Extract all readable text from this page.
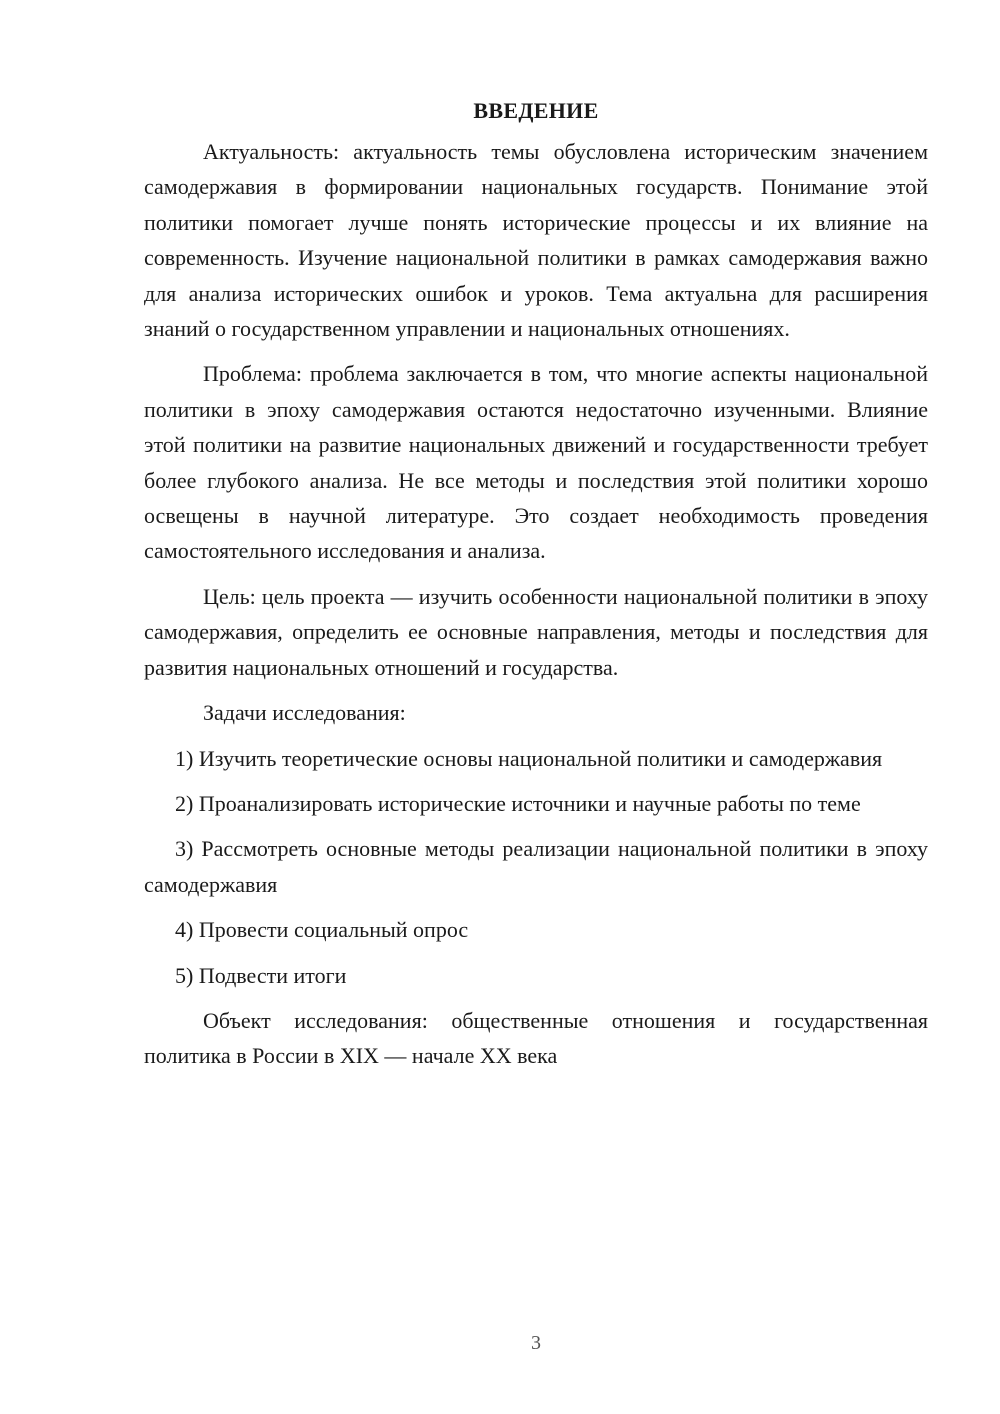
ВВЕДЕНИЕ

Актуальность: актуальность темы обусловлена историческим значением самодержавия в формировании национальных государств. Понимание этой политики помогает лучше понять исторические процессы и их влияние на современность. Изучение национальной политики в рамках самодержавия важно для анализа исторических ошибок и уроков. Тема актуальна для расширения знаний о государственном управлении и национальных отношениях.

Проблема: проблема заключается в том, что многие аспекты национальной политики в эпоху самодержавия остаются недостаточно изученными. Влияние этой политики на развитие национальных движений и государственности требует более глубокого анализа. Не все методы и последствия этой политики хорошо освещены в научной литературе. Это создает необходимость проведения самостоятельного исследования и анализа.

Цель: цель проекта — изучить особенности национальной политики в эпоху самодержавия, определить ее основные направления, методы и последствия для развития национальных отношений и государства.

Задачи исследования:

1) Изучить теоретические основы национальной политики и самодержавия

2) Проанализировать исторические источники и научные работы по теме

3) Рассмотреть основные методы реализации национальной политики в эпоху самодержавия

4) Провести социальный опрос

5) Подвести итоги

Объект исследования: общественные отношения и государственная политика в России в XIX — начале XX века

3
